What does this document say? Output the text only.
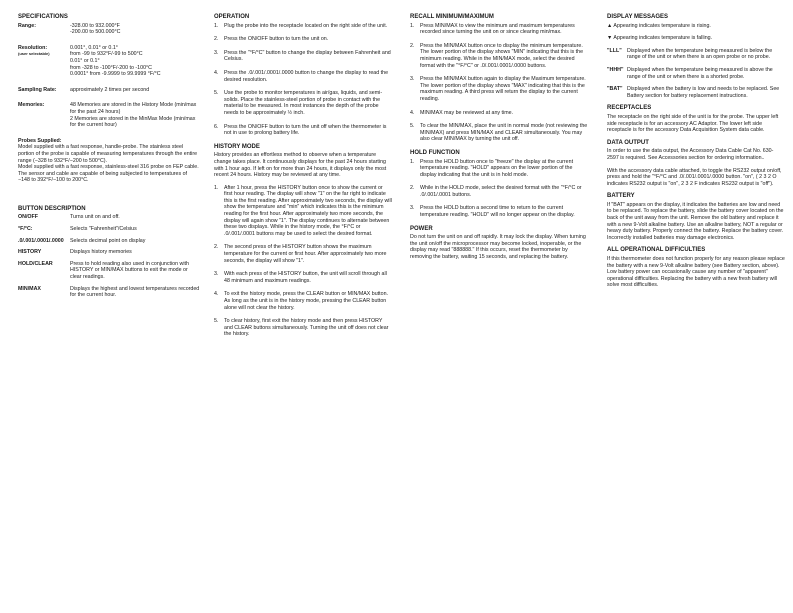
SPECIFICATIONS
Range:	-328.00 to 932.000°F
-200.00 to 500.000°C
Resolution:
(user selectable)
0.001°, 0.01° or 0.1°
from -99 to 932°F/-99 to 500°C
0.01° or 0.1°
from -328 to -100°F/-200 to -100°C
0.0001° from -9.9999 to 99.9999 °F/°C
Sampling Rate:	approximately 2 times per second
Memories:	48 Memories are stored in the History Mode (min/max for the past 24 hours)
2 Memories are stored in the MinMax Mode (min/max for the current hour)
Probes Supplied:
Model supplied with a fast response, handle-probe. The stainless steel portion of the probe is capable of measuring temperatures through the entire range (−328 to 932°F/−200 to 500°C).
Model supplied with a fast response, stainless-steel 316 probe on FEP cable. The sensor and cable are capable of being subjected to temperatures of −148 to 392°F/−100 to 200°C.
BUTTON DESCRIPTION
ON/OFF	Turns unit on and off.
°F/°C:	Selects "Fahrenheit"/Celsius
.0/.001/.0001/.0000	Selects decimal point on display
HISTORY	Displays history memories
HOLD/CLEAR	Press to hold reading also used in conjunction with HISTORY or MIN/MAX buttons to exit the mode or clear readings.
MIN/MAX	Displays the highest and lowest temperatures recorded for the current hour.
OPERATION
1.	Plug the probe into the receptacle located on the right side of the unit.
2.	Press the ON/OFF button to turn the unit on.
3.	Press the "°F/°C" button to change the display between Fahrenheit and Celsius.
4.	Press the .0/.001/.0001/.0000 button to change the display to read the desired resolution.
5.	Use the probe to monitor temperatures in air/gas, liquids, and semi-solids. Place the stainless-steel portion of probe in contact with the material to be measured. In most instances the depth of the probe needs to be approximately ½ inch.
6.	Press the ON/OFF button to turn the unit off when the thermometer is not in use to prolong battery life.
HISTORY MODE
History provides an effortless method to observe when a temperature change takes place. It continuously displays for the past 24 hours starting with 1 hour ago. If left on for more than 24 hours, it displays only the most recent 24 hours. History may be reviewed at any time.
1.	After 1 hour, press the HISTORY button once to show the current or first hour reading. The display will show "1" on the far right to indicate this is the first reading. After approximately two seconds, the display will show the temperature and "min" which indicates this is the minimum reading for the first hour. After approximately two more seconds, the display will again show "1". The display continues to alternate between these two displays. While in the history mode, the °F/°C or .0/.001/.0001 buttons may be used to select the desired format.
2.	The second press of the HISTORY button shows the maximum temperature for the current or first hour. After approximately two more seconds, the display will show "1".
3.	With each press of the HISTORY button, the unit will scroll through all 48 minimum and maximum readings.
4.	To exit the history mode, press the CLEAR button or MIN/MAX button. As long as the unit is in the history mode, pressing the CLEAR button alone will not clear the history.
5.	To clear history, first exit the history mode and then press HISTORY and CLEAR buttons simultaneously. Turning the unit off does not clear the history.
RECALL MINIMUM/MAXIMUM
1.	Press MIN/MAX to view the minimum and maximum temperatures recorded since turning the unit on or since clearing min/max.
2.	Press the MIN/MAX button once to display the minimum temperature. The lower portion of the display shows "MIN" indicating that this is the minimum reading. While in the MIN/MAX mode, select the desired format with the "°F/°C" or .0/.001/.0001/.0000 buttons.
3.	Press the MIN/MAX button again to display the Maximum temperature. The lower portion of the display shows "MAX" indicating that this is the maximum reading. A third press will return the display to the current reading.
4.	MIN/MAX may be reviewed at any time.
5.	To clear the MIN/MAX, place the unit in normal mode (not reviewing the MIN/MAX) and press MIN/MAX and CLEAR simultaneously. You may also clear MIN/MAX by turning the unit off.
HOLD FUNCTION
1.	Press the HOLD button once to "freeze" the display at the current temperature reading. "HOLD" appears on the lower portion of the display indicating that the unit is in hold mode.
2.	While in the HOLD mode, select the desired format with the "°F/°C or .0/.001/.0001 buttons.
3.	Press the HOLD button a second time to return to the current temperature reading. "HOLD" will no longer appear on the display.
POWER
Do not turn the unit on and off rapidly. It may lock the display. When turning the unit on/off the microprocessor may become locked, inoperable, or the display may read "888888." If this occurs, reset the thermometer by removing the battery, waiting 15 seconds, and replacing the battery.
DISPLAY MESSAGES
▲ Appearing indicates temperature is rising.
▼ Appearing indicates temperature is falling.
"LLL" Displayed when the temperature being measured is below the range of the unit or when there is an open probe or no probe.
"HHH" Displayed when the temperature being measured is above the range of the unit or when there is a shorted probe.
"BAT" Displayed when the battery is low and needs to be replaced. See Battery section for battery replacement instructions.
RECEPTACLES
The receptacle on the right side of the unit is for the probe. The upper left side receptacle is for an accessory AC Adaptor. The lower left side receptacle is for the accessory Data Acquisition System data cable.
DATA OUTPUT
In order to use the data output, the Accessory Data Cable Cat No. 630-2597 is required. See Accessories section for ordering information..
With the accessory data cable attached, to toggle the RS232 output on/off, press and hold the "°F/°C and .0/.001/.0001/.0000 button. "on", ( 2 3 2 O indicates RS232 output is "on", 2 3 2 F indicates RS232 output is "off").
BATTERY
If "BAT" appears on the display, it indicates the batteries are low and need to be replaced. To replace the battery, slide the battery cover located on the back of the unit away from the unit. Remove the old battery and replace it with a new 9-Volt alkaline battery. Use an alkaline battery, NOT a regular or heavy duty battery. Properly connect the battery. Replace the battery cover. Incorrectly installed batteries may damage electronics.
ALL OPERATIONAL DIFFICULTIES
If this thermometer does not function properly for any reason please replace the battery with a new 9-Volt alkaline battery (see Battery section, above). Low battery power can occasionally cause any number of "apparent" operational difficulties. Replacing the battery with a new fresh battery will solve most difficulties.
